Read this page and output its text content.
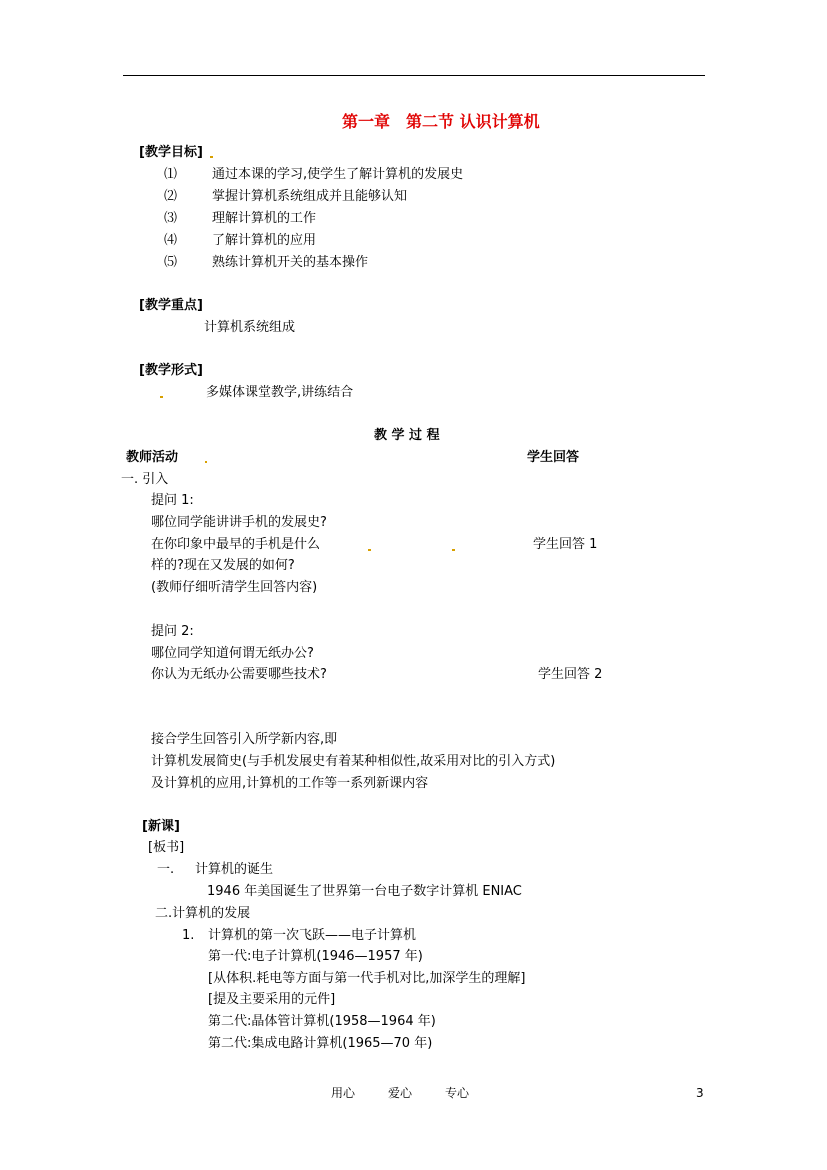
第一章　第二节 认识计算机
[教学目标]
⑴	通过本课的学习,使学生了解计算机的发展史
⑵	掌握计算机系统组成并且能够认知
⑶	理解计算机的工作
⑷	了解计算机的应用
⑸	熟练计算机开关的基本操作
[教学重点]
计算机系统组成
[教学形式]
多媒体课堂教学,讲练结合
教 学 过 程
教师活动	学生回答
一. 引入
提问 1:
哪位同学能讲讲手机的发展史?
在你印象中最早的手机是什么	学生回答 1
样的?现在又发展的如何?
(教师仔细听清学生回答内容)
提问 2:
哪位同学知道何谓无纸办公?
你认为无纸办公需要哪些技术?	学生回答 2
接合学生回答引入所学新内容,即
计算机发展简史(与手机发展史有着某种相似性,故采用对比的引入方式)
及计算机的应用,计算机的工作等一系列新课内容
[新课]
[板书]
一. 计算机的诞生
1946 年美国诞生了世界第一台电子数字计算机 ENIAC
二.计算机的发展
1. 计算机的第一次飞跃——电子计算机
第一代:电子计算机(1946—1957 年)
[从体积.耗电等方面与第一代手机对比,加深学生的理解]
[提及主要采用的元件]
第二代:晶体管计算机(1958—1964 年)
第二代:集成电路计算机(1965—70 年)
用心	爱心	专心	3
